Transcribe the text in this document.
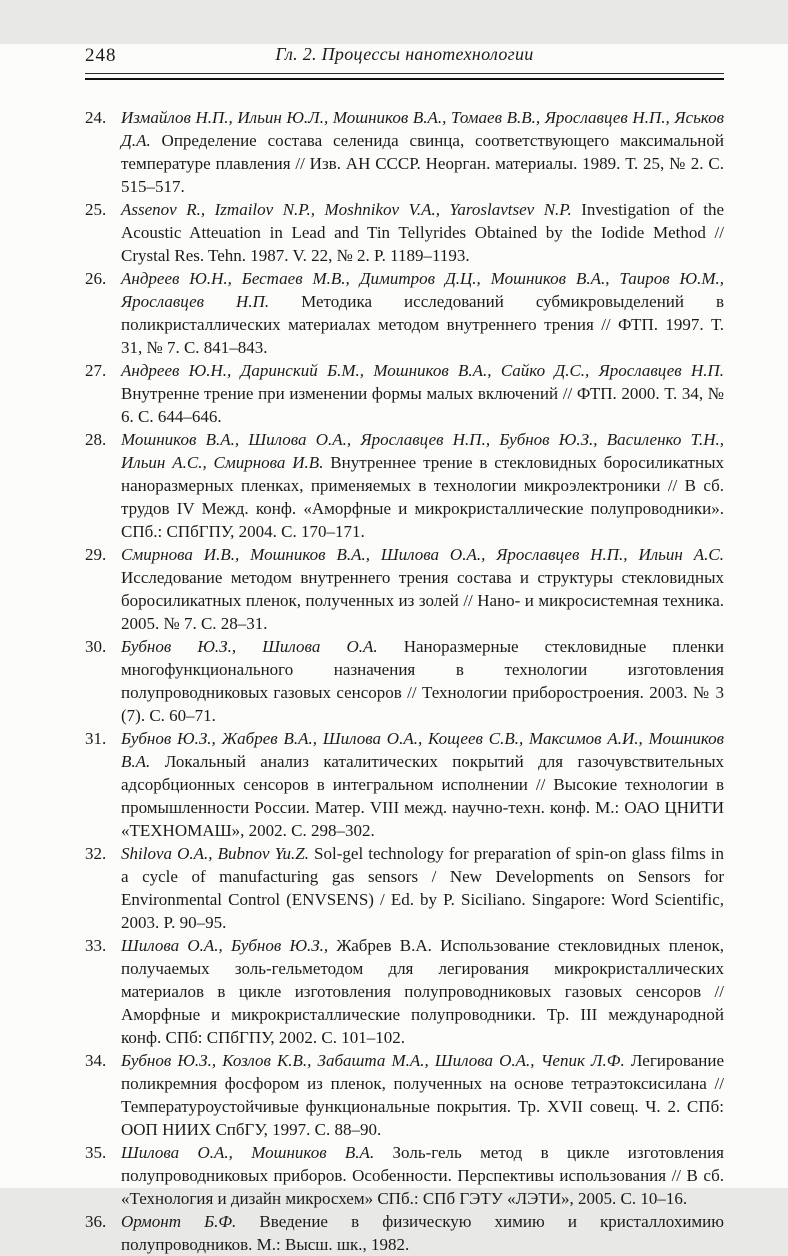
248	Гл. 2. Процессы нанотехнологии
24. Измайлов Н.П., Ильин Ю.Л., Мошников В.А., Томаев В.В., Ярославцев Н.П., Яськов Д.А. Определение состава селенида свинца, соответствующего максимальной температуре плавления // Изв. АН СССР. Неорган. материалы. 1989. Т. 25, № 2. С. 515–517.
25. Assenov R., Izmailov N.P., Moshnikov V.A., Yaroslavtsev N.P. Investigation of the Acoustic Atteuation in Lead and Tin Tellyrides Obtained by the Iodide Method // Crystal Res. Tehn. 1987. V. 22, № 2. P. 1189–1193.
26. Андреев Ю.Н., Бестаев М.В., Димитров Д.Ц., Мошников В.А., Таиров Ю.М., Ярославцев Н.П. Методика исследований субмикровыделений в поликристаллических материалах методом внутреннего трения // ФТП. 1997. Т. 31, № 7. С. 841–843.
27. Андреев Ю.Н., Даринский Б.М., Мошников В.А., Сайко Д.С., Ярославцев Н.П. Внутренне трение при изменении формы малых включений // ФТП. 2000. Т. 34, № 6. С. 644–646.
28. Мошников В.А., Шилова О.А., Ярославцев Н.П., Бубнов Ю.З., Василенко Т.Н., Ильин А.С., Смирнова И.В. Внутреннее трение в стекловидных боросиликатных наноразмерных пленках, применяемых в технологии микроэлектроники // В сб. трудов IV Межд. конф. «Аморфные и микрокристаллические полупроводники». СПб.: СПбГПУ, 2004. С. 170–171.
29. Смирнова И.В., Мошников В.А., Шилова О.А., Ярославцев Н.П., Ильин А.С. Исследование методом внутреннего трения состава и структуры стекловидных боросиликатных пленок, полученных из золей // Нано- и микросистемная техника. 2005. № 7. С. 28–31.
30. Бубнов Ю.З., Шилова О.А. Наноразмерные стекловидные пленки многофункционального назначения в технологии изготовления полупроводниковых газовых сенсоров // Технологии приборостроения. 2003. № 3 (7). С. 60–71.
31. Бубнов Ю.З., Жабрев В.А., Шилова О.А., Кощеев С.В., Максимов А.И., Мошников В.А. Локальный анализ каталитических покрытий для газочувствительных адсорбционных сенсоров в интегральном исполнении // Высокие технологии в промышленности России. Матер. VIII межд. научно-техн. конф. М.: ОАО ЦНИТИ «ТЕХНОМАШ», 2002. С. 298–302.
32. Shilova O.A., Bubnov Yu.Z. Sol-gel technology for preparation of spin-on glass films in a cycle of manufacturing gas sensors / New Developments on Sensors for Environmental Control (ENVSENS) / Ed. by P. Siciliano. Singapore: Word Scientific, 2003. P. 90–95.
33. Шилова О.А., Бубнов Ю.З., Жабрев В.А. Использование стекловидных пленок, получаемых золь-гельметодом для легирования микрокристаллических материалов в цикле изготовления полупроводниковых газовых сенсоров // Аморфные и микрокристаллические полупроводники. Тр. III международной конф. СПб: СПбГПУ, 2002. С. 101–102.
34. Бубнов Ю.З., Козлов К.В., Забашта М.А., Шилова О.А., Чепик Л.Ф. Легирование поликремния фосфором из пленок, полученных на основе тетраэтоксисилана // Температуроустойчивые функциональные покрытия. Тр. XVII совещ. Ч. 2. СПб: ООП НИИХ СпбГУ, 1997. С. 88–90.
35. Шилова О.А., Мошников В.А. Золь-гель метод в цикле изготовления полупроводниковых приборов. Особенности. Перспективы использования // В сб. «Технология и дизайн микросхем» СПб.: СПб ГЭТУ «ЛЭТИ», 2005. С. 10–16.
36. Ормонт Б.Ф. Введение в физическую химию и кристаллохимию полупроводников. М.: Высш. шк., 1982.
